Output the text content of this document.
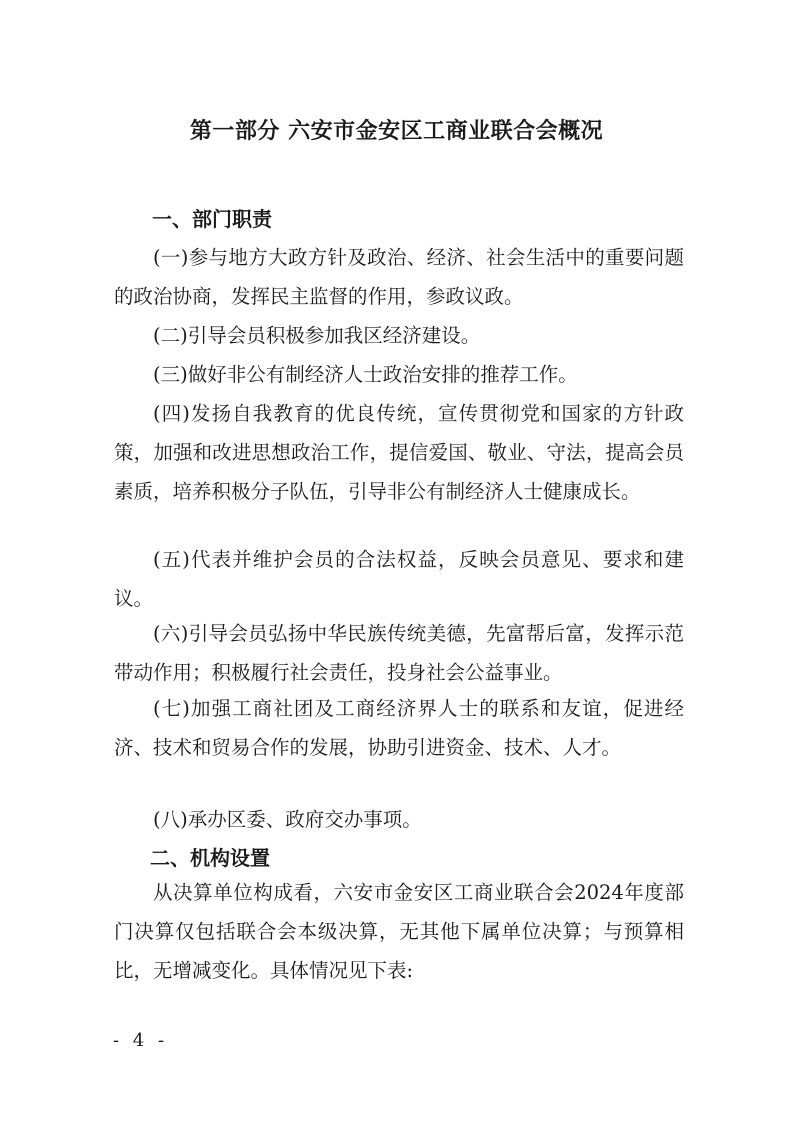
第一部分 六安市金安区工商业联合会概况
一、部门职责

(一)参与地方大政方针及政治、经济、社会生活中的重要问题的政治协商，发挥民主监督的作用，参政议政。

(二)引导会员积极参加我区经济建设。

(三)做好非公有制经济人士政治安排的推荐工作。

(四)发扬自我教育的优良传统，宣传贯彻党和国家的方针政策，加强和改进思想政治工作，提信爱国、敬业、守法，提高会员素质，培养积极分子队伍，引导非公有制经济人士健康成长。

(五)代表并维护会员的合法权益，反映会员意见、要求和建议。

(六)引导会员弘扬中华民族传统美德，先富帮后富，发挥示范带动作用；积极履行社会责任，投身社会公益事业。

(七)加强工商社团及工商经济界人士的联系和友谊，促进经济、技术和贸易合作的发展，协助引进资金、技术、人才。

(八)承办区委、政府交办事项。

二、机构设置

从决算单位构成看，六安市金安区工商业联合会2024年度部门决算仅包括联合会本级决算，无其他下属单位决算；与预算相比，无增减变化。具体情况见下表:

- 4 -
